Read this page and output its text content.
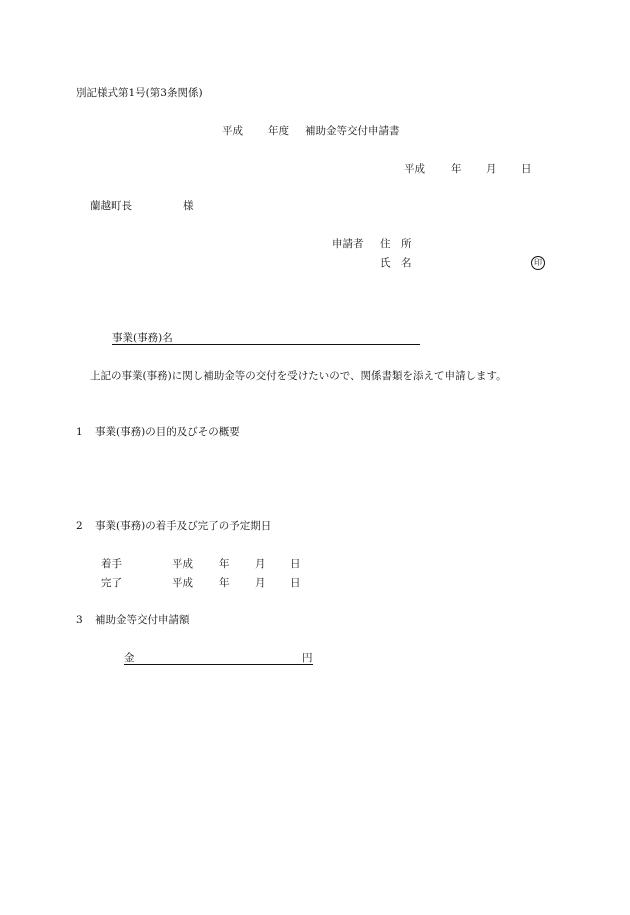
別記様式第1号(第3条関係)
平成 年度 補助金等交付申請書
平成 年 月 日
蘭越町長	様
申請者 住　所
氏　名	印
事業(事務)名
上記の事業(事務)に関し補助金等の交付を受けたいので、関係書類を添えて申請します。
1 事業(事務)の目的及びその概要
2 事業(事務)の着手及び完了の予定期日
着手	平成 年 月 日
完了	平成 年 月 日
3 補助金等交付申請額
金	円
